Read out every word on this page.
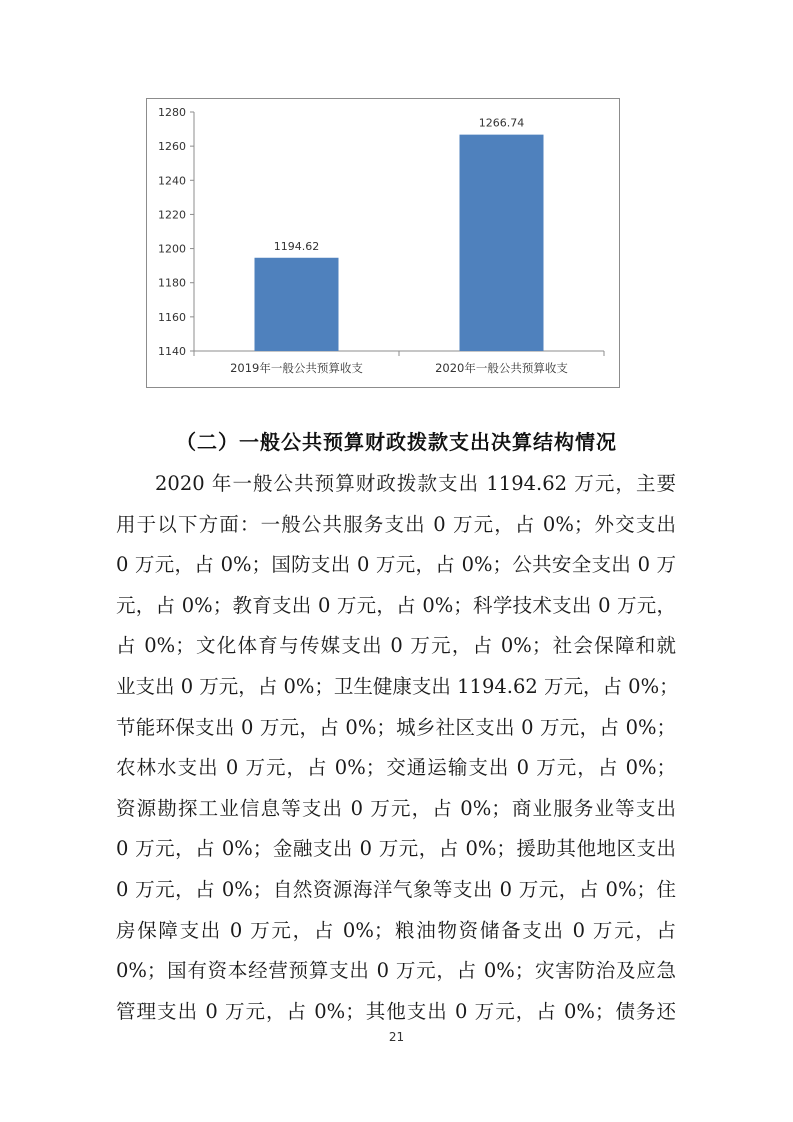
1140
1160
1180
1200
1220
1240
1260
1280
1194.62
2019年一般公共预算收支
1266.74
2020年一般公共预算收支
（二）一般公共预算财政拨款支出决算结构情况
2020 年一般公共预算财政拨款支出 1194.62 万元，主要
用于以下方面：一般公共服务支出 0 万元，占 0%；外交支出
0 万元，占 0%；国防支出 0 万元，占 0%；公共安全支出 0 万
元，占 0%；教育支出 0 万元，占 0%；科学技术支出 0 万元，
占 0%；文化体育与传媒支出 0 万元，占 0%；社会保障和就
业支出 0 万元，占 0%；卫生健康支出 1194.62 万元，占 0%；
节能环保支出 0 万元，占 0%；城乡社区支出 0 万元，占 0%；
农林水支出 0 万元，占 0%；交通运输支出 0 万元，占 0%；
资源勘探工业信息等支出 0 万元，占 0%；商业服务业等支出
0 万元，占 0%；金融支出 0 万元，占 0%；援助其他地区支出
0 万元，占 0%；自然资源海洋气象等支出 0 万元，占 0%；住
房保障支出 0 万元，占 0%；粮油物资储备支出 0 万元，占
0%；国有资本经营预算支出 0 万元，占 0%；灾害防治及应急
管理支出 0 万元，占 0%；其他支出 0 万元，占 0%；债务还
21
